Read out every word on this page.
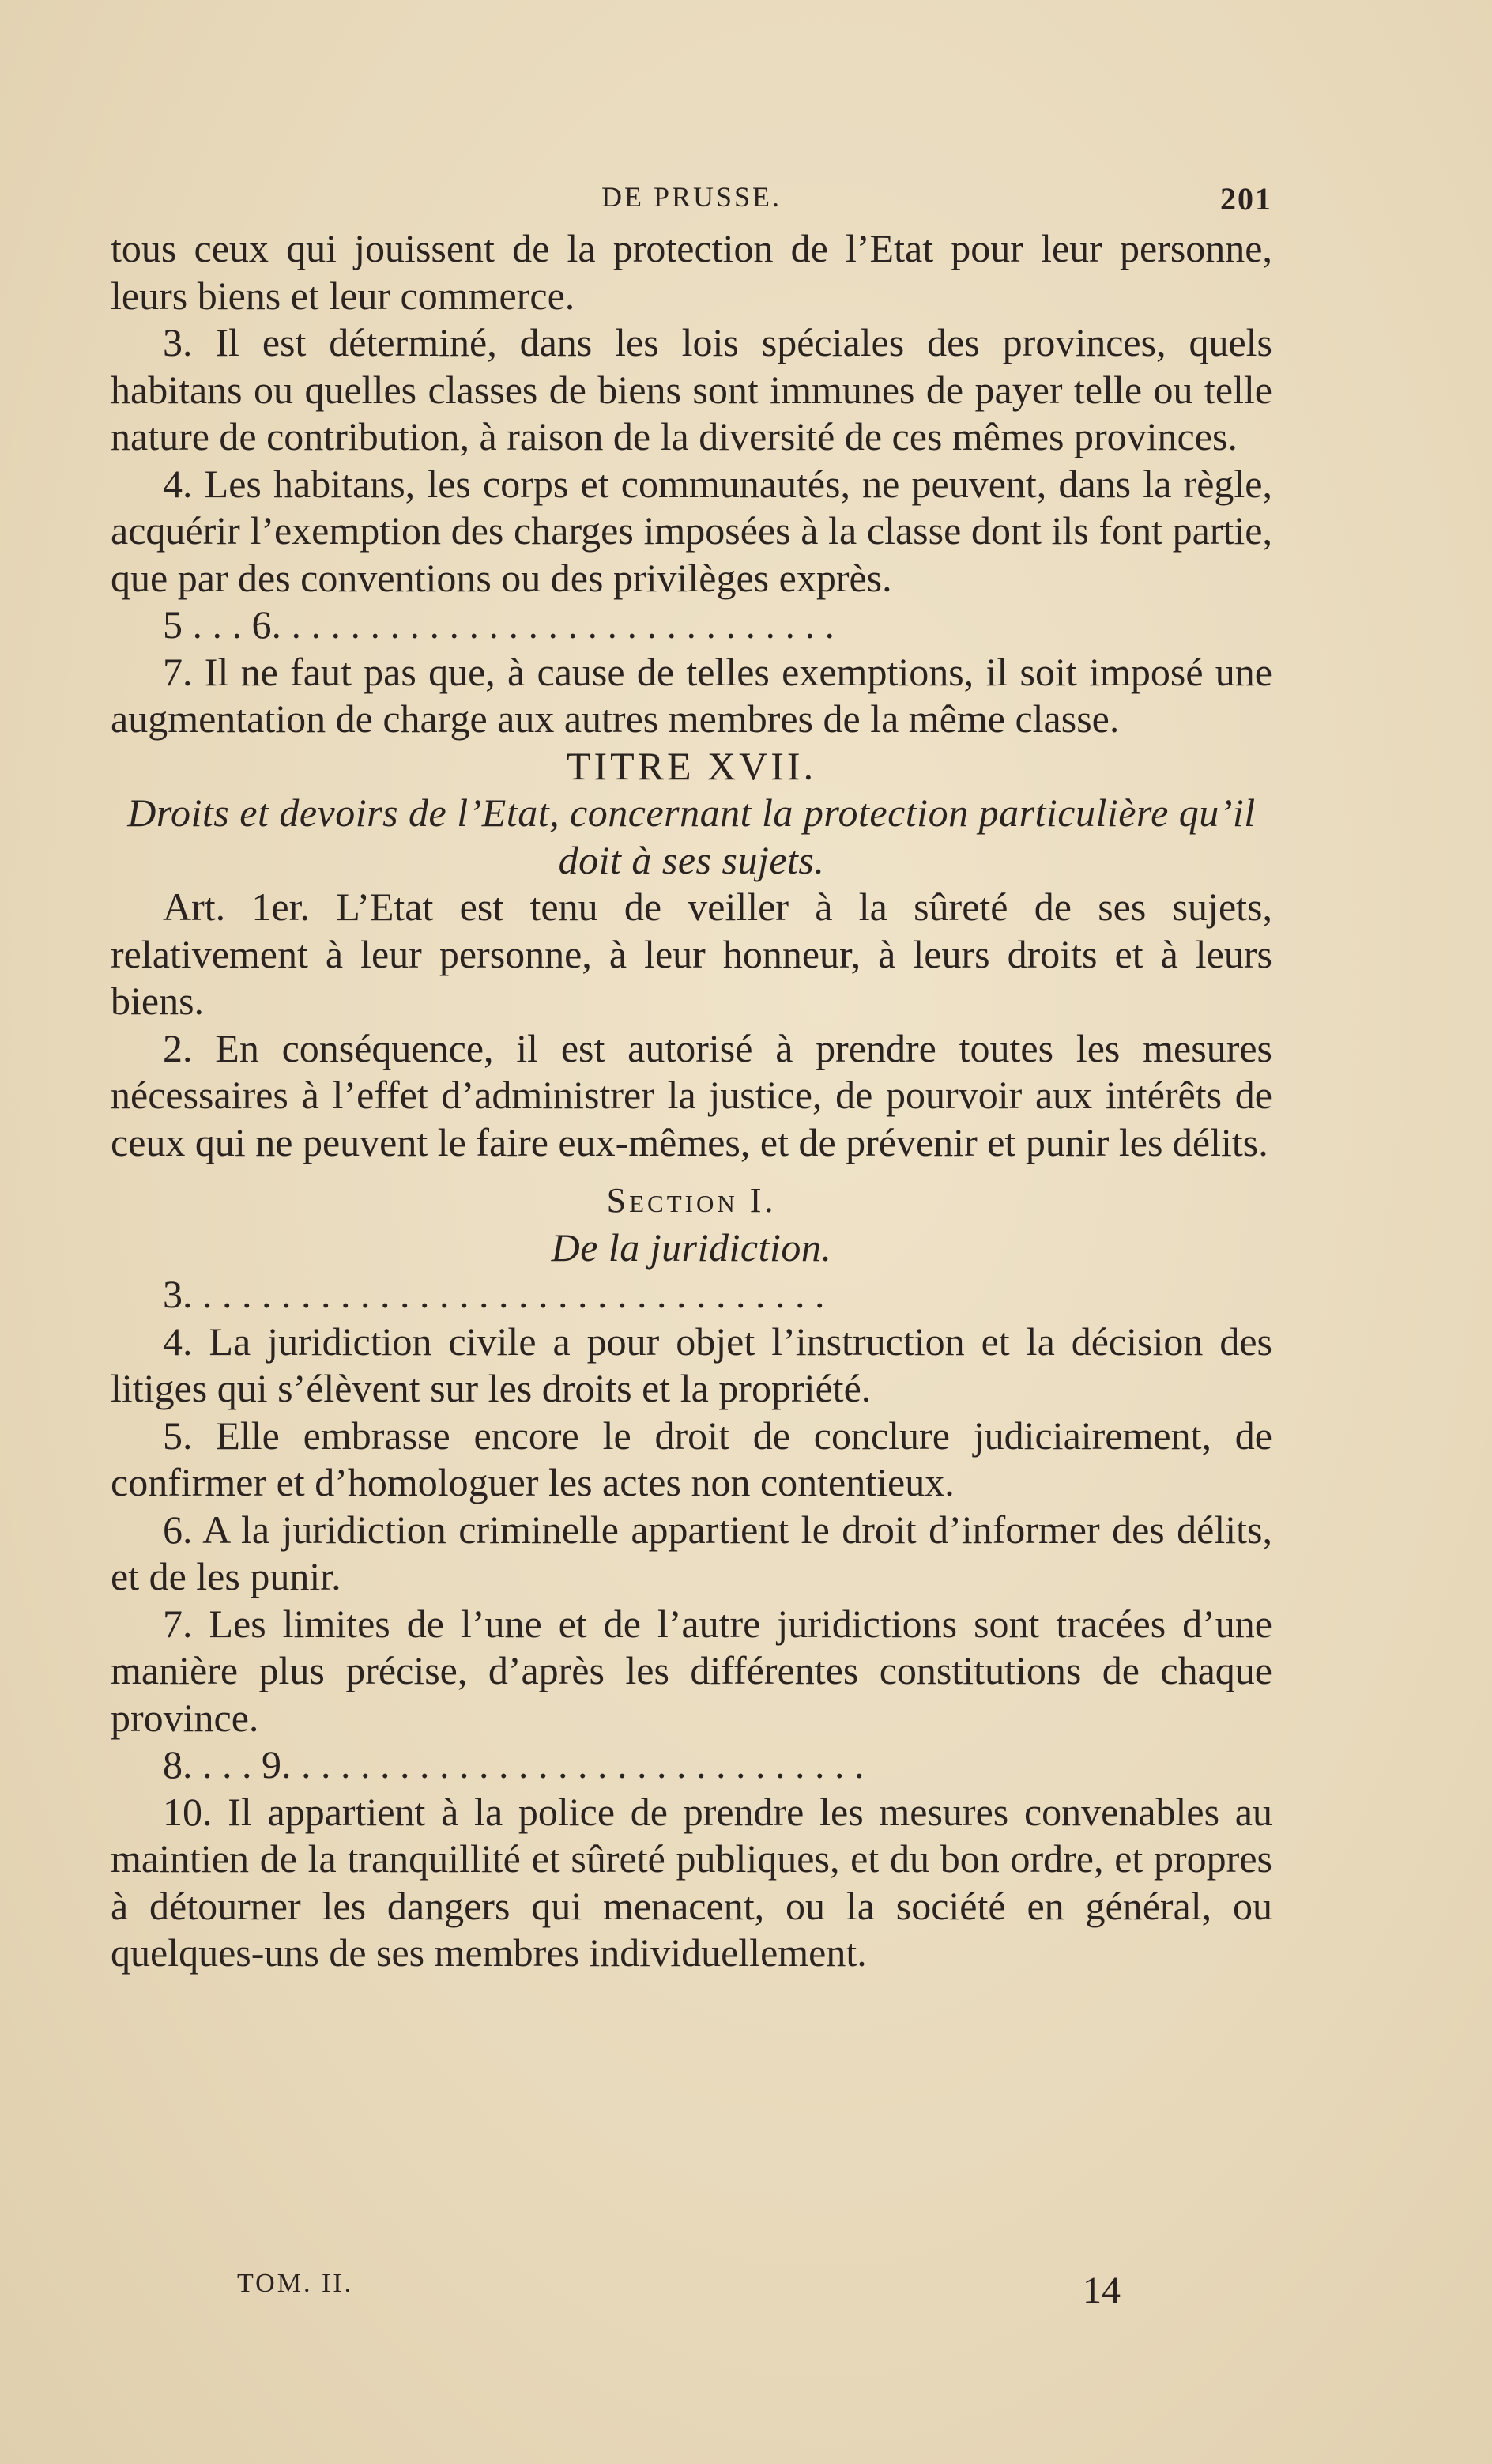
DE PRUSSE.	201

tous ceux qui jouissent de la protection de l’Etat pour leur personne, leurs biens et leur commerce.

3. Il est déterminé, dans les lois spéciales des provinces, quels habitans ou quelles classes de biens sont immunes de payer telle ou telle nature de contribution, à raison de la diversité de ces mêmes provinces.

4. Les habitans, les corps et communautés, ne peuvent, dans la règle, acquérir l’exemption des charges imposées à la classe dont ils font partie, que par des conventions ou des privilèges exprès.

5 . . . 6. . . . . . . . . . . . . . . . . . . . . . . . . . . . .

7. Il ne faut pas que, à cause de telles exemptions, il soit imposé une augmentation de charge aux autres membres de la même classe.

TITRE XVII.

Droits et devoirs de l’Etat, concernant la protection particulière qu’il doit à ses sujets.

Art. 1er. L’Etat est tenu de veiller à la sûreté de ses sujets, relativement à leur personne, à leur honneur, à leurs droits et à leurs biens.

2. En conséquence, il est autorisé à prendre toutes les mesures nécessaires à l’effet d’administrer la justice, de pourvoir aux intérêts de ceux qui ne peuvent le faire eux-mêmes, et de prévenir et punir les délits.

Section I.

De la juridiction.

3. . . . . . . . . . . . . . . . . . . . . . . . . . . . . . . . .

4. La juridiction civile a pour objet l’instruction et la décision des litiges qui s’élèvent sur les droits et la propriété.

5. Elle embrasse encore le droit de conclure judiciairement, de confirmer et d’homologuer les actes non contentieux.

6. A la juridiction criminelle appartient le droit d’informer des délits, et de les punir.

7. Les limites de l’une et de l’autre juridictions sont tracées d’une manière plus précise, d’après les différentes constitutions de chaque province.

8. . . . 9. . . . . . . . . . . . . . . . . . . . . . . . . . . . . .

10. Il appartient à la police de prendre les mesures convenables au maintien de la tranquillité et sûreté publiques, et du bon ordre, et propres à détourner les dangers qui menacent, ou la société en général, ou quelques-uns de ses membres individuellement.

TOM. II.	14
